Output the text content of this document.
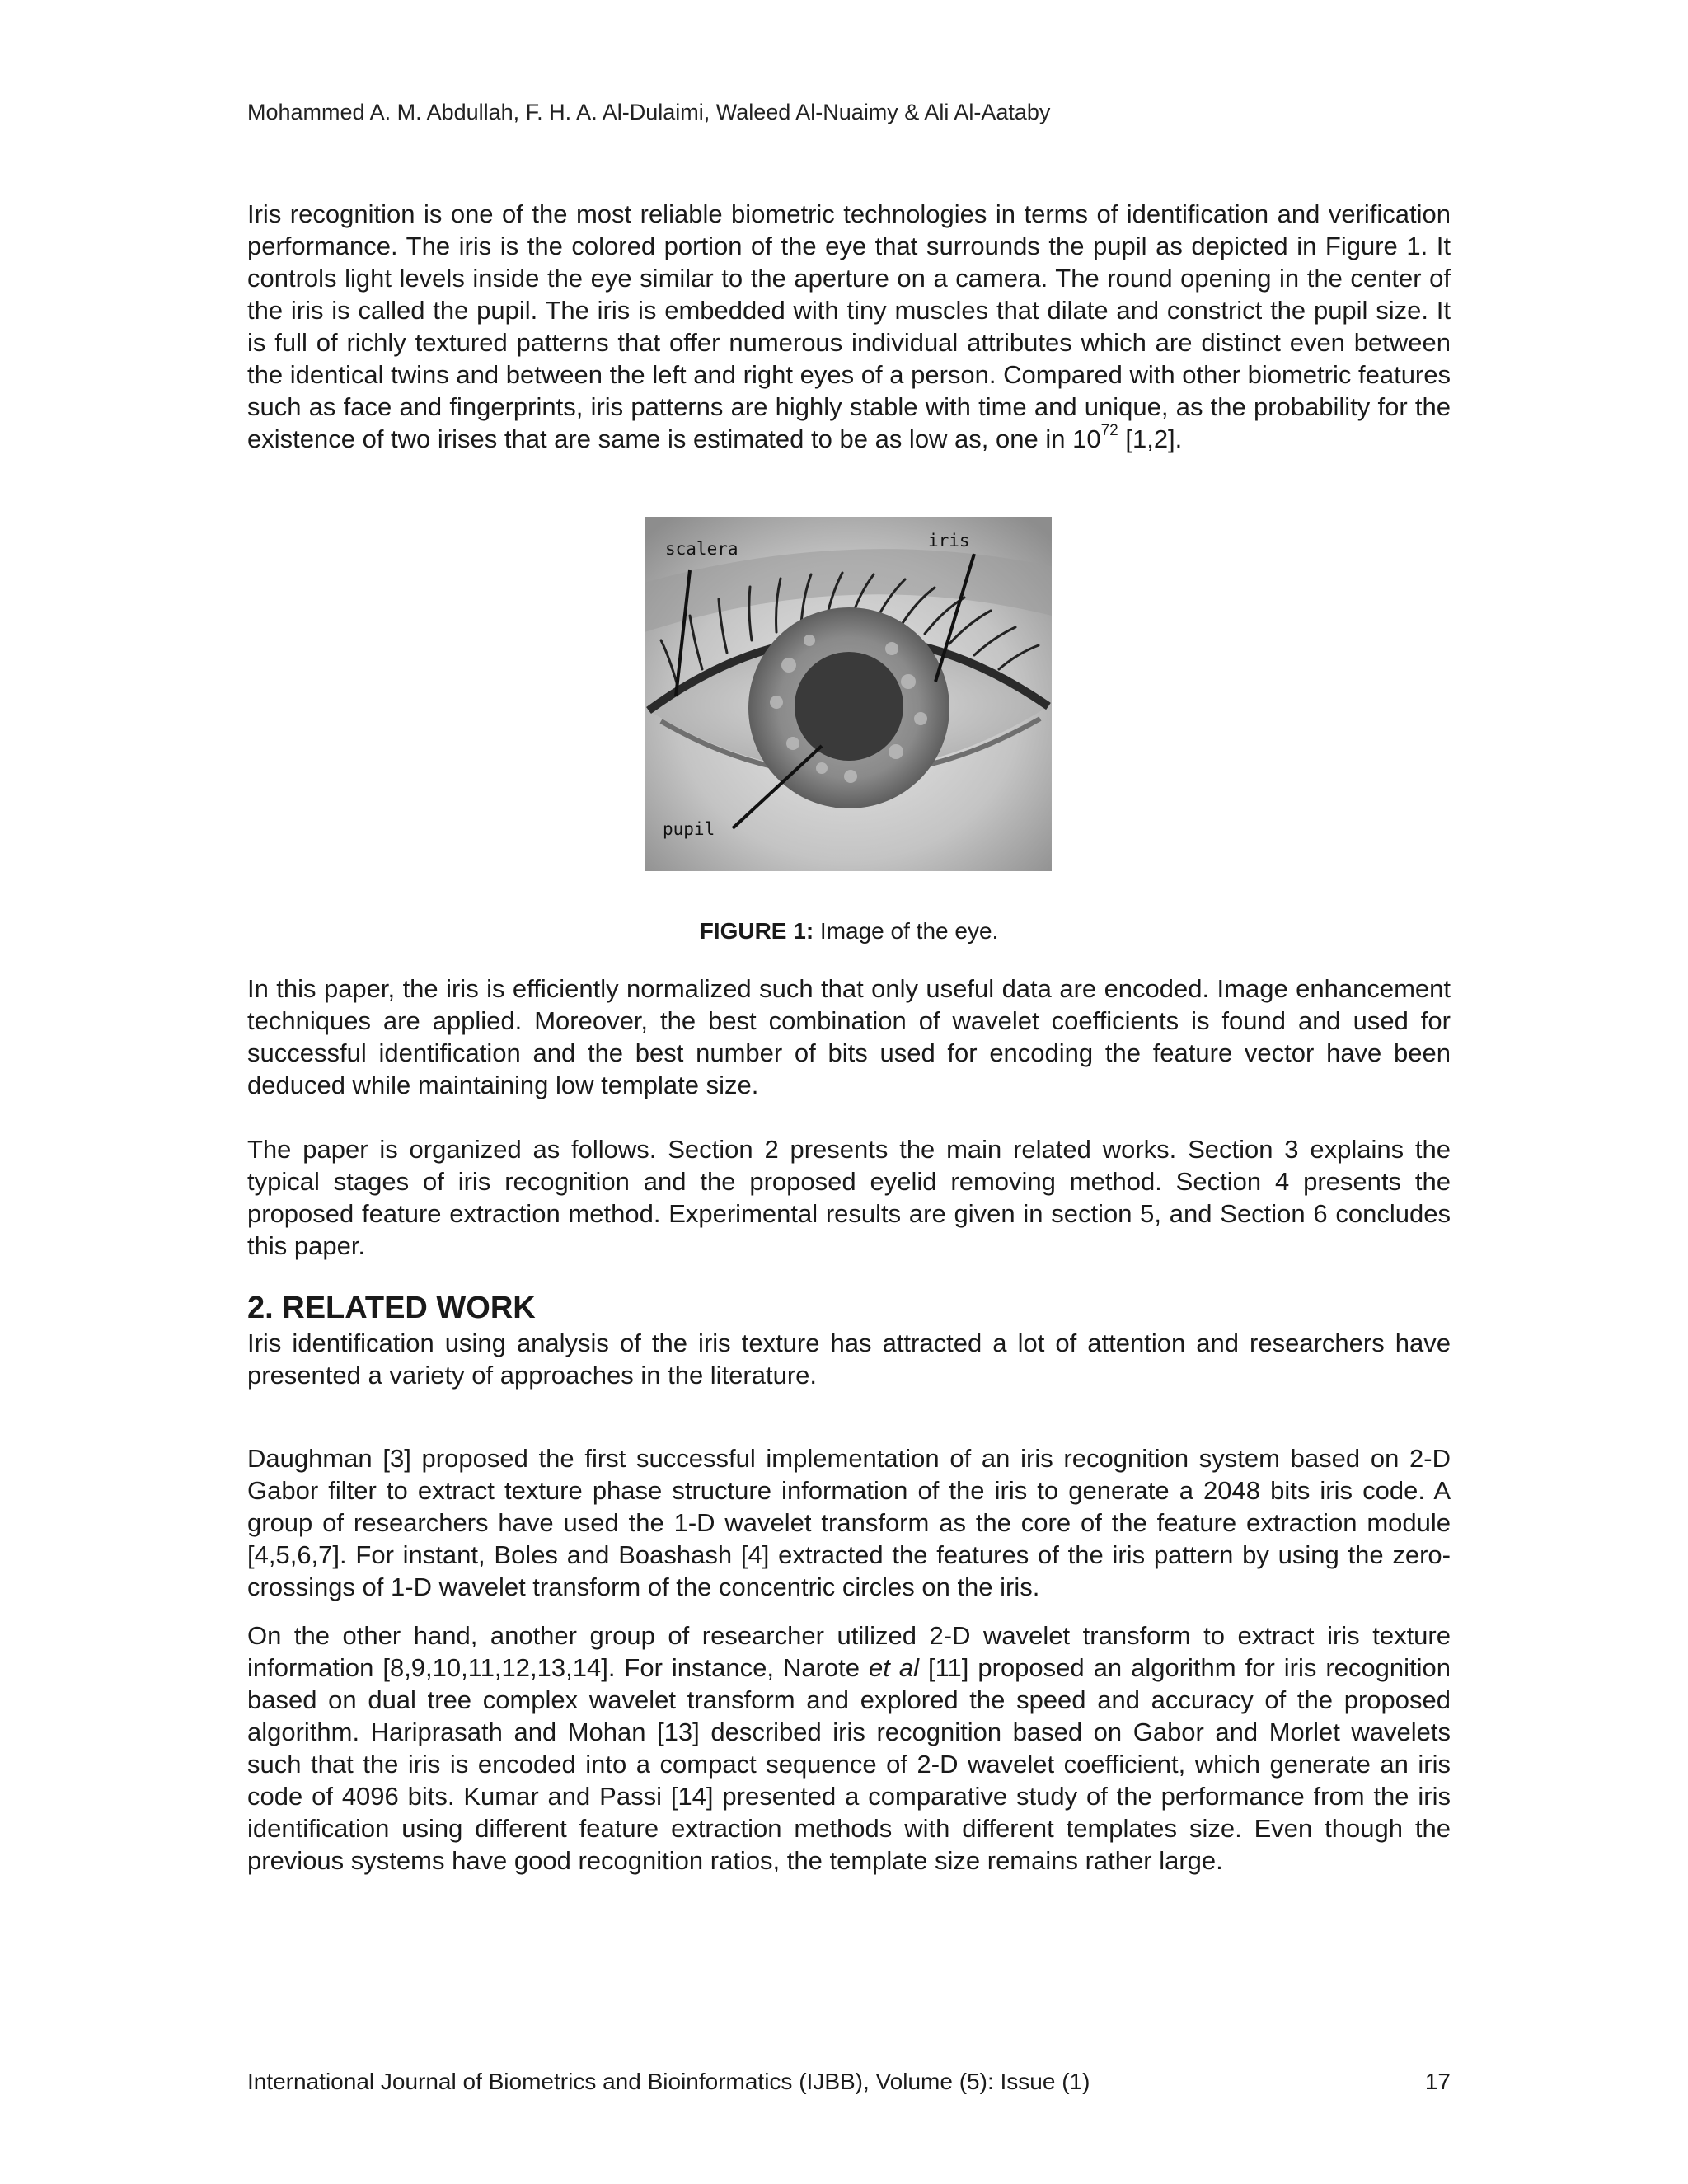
Mohammed A. M. Abdullah, F. H. A. Al-Dulaimi, Waleed Al-Nuaimy & Ali Al-Aataby

Iris recognition is one of the most reliable biometric technologies in terms of identification and verification performance. The iris is the colored portion of the eye that surrounds the pupil as depicted in Figure 1. It controls light levels inside the eye similar to the aperture on a camera. The round opening in the center of the iris is called the pupil. The iris is embedded with tiny muscles that dilate and constrict the pupil size. It is full of richly textured patterns that offer numerous individual attributes which are distinct even between the identical twins and between the left and right eyes of a person. Compared with other biometric features such as face and fingerprints, iris patterns are highly stable with time and unique, as the probability for the existence of two irises that are same is estimated to be as low as, one in $10^{72}$ [1,2].

scalera	iris
pupil
FIGURE 1: Image of the eye.

In this paper, the iris is efficiently normalized such that only useful data are encoded. Image enhancement techniques are applied. Moreover, the best combination of wavelet coefficients is found and used for successful identification and the best number of bits used for encoding the feature vector have been deduced while maintaining low template size.

The paper is organized as follows. Section 2 presents the main related works. Section 3 explains the typical stages of iris recognition and the proposed eyelid removing method. Section 4 presents the proposed feature extraction method. Experimental results are given in section 5, and Section 6 concludes this paper.

2. RELATED WORK

Iris identification using analysis of the iris texture has attracted a lot of attention and researchers have presented a variety of approaches in the literature.

Daughman [3] proposed the first successful implementation of an iris recognition system based on 2-D Gabor filter to extract texture phase structure information of the iris to generate a 2048 bits iris code. A group of researchers have used the 1-D wavelet transform as the core of the feature extraction module [4,5,6,7]. For instant, Boles and Boashash [4] extracted the features of the iris pattern by using the zero-crossings of 1-D wavelet transform of the concentric circles on the iris.

On the other hand, another group of researcher utilized 2-D wavelet transform to extract iris texture information [8,9,10,11,12,13,14]. For instance, Narote et al [11] proposed an algorithm for iris recognition based on dual tree complex wavelet transform and explored the speed and accuracy of the proposed algorithm. Hariprasath and Mohan [13] described iris recognition based on Gabor and Morlet wavelets such that the iris is encoded into a compact sequence of 2-D wavelet coefficient, which generate an iris code of 4096 bits. Kumar and Passi [14] presented a comparative study of the performance from the iris identification using different feature extraction methods with different templates size. Even though the previous systems have good recognition ratios, the template size remains rather large.

International Journal of Biometrics and Bioinformatics (IJBB), Volume (5): Issue (1)	17
